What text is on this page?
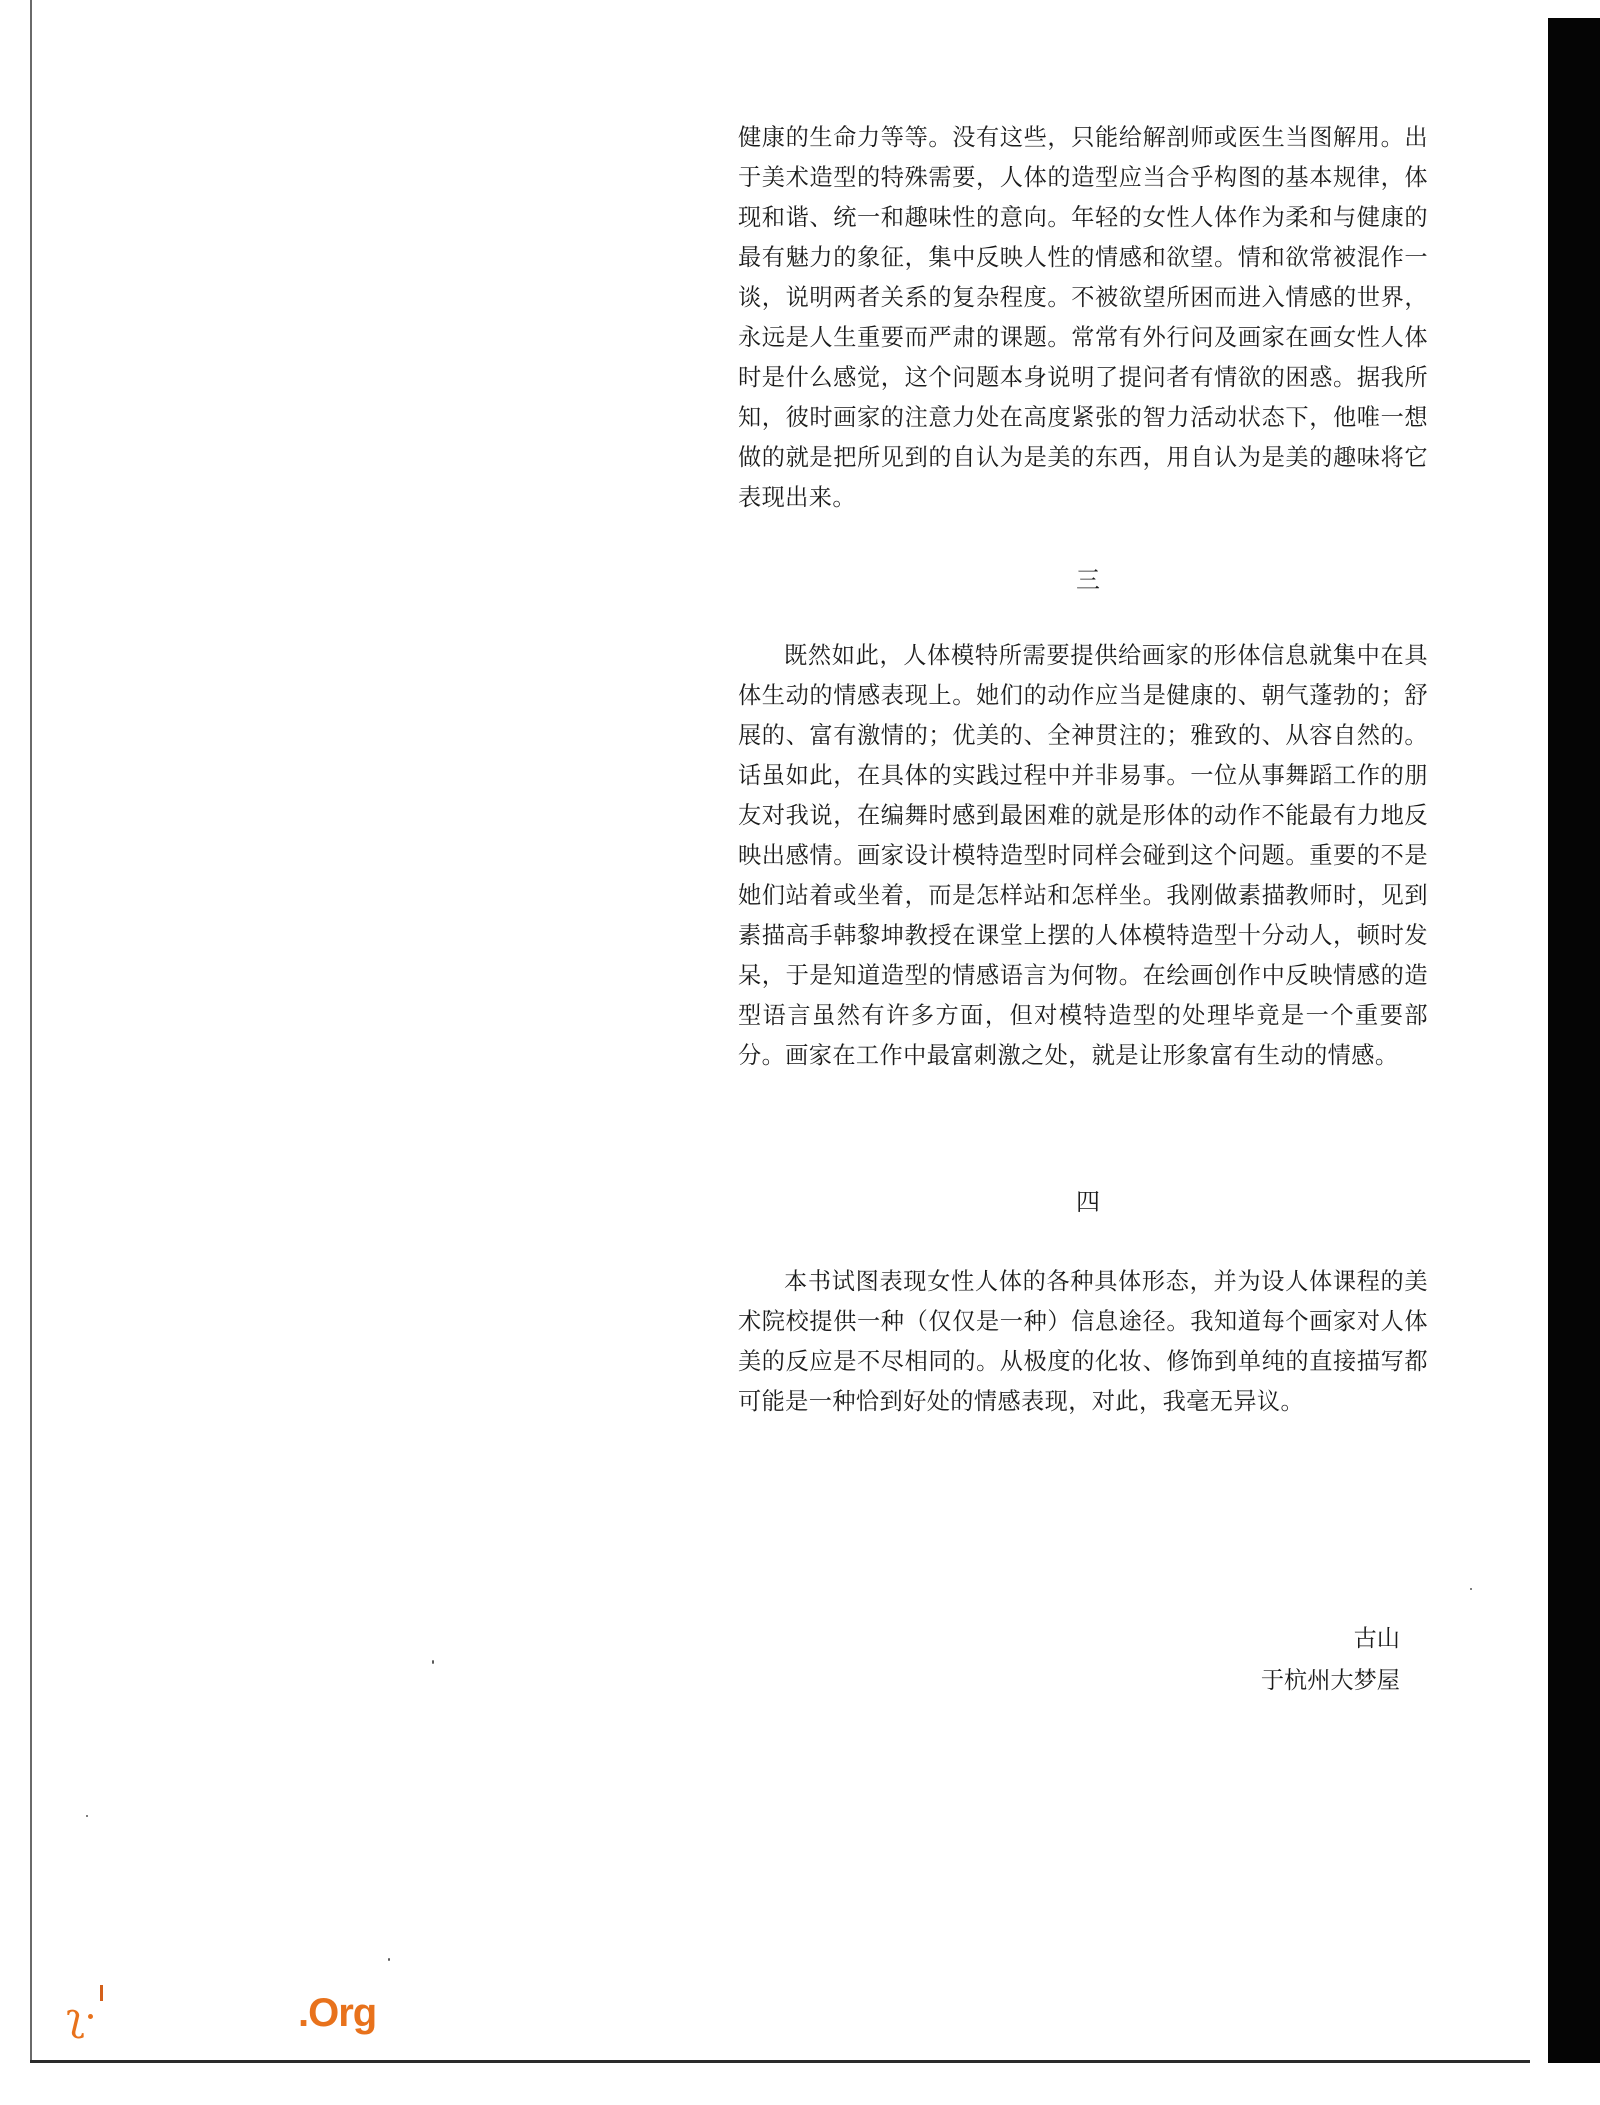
健康的生命力等等。没有这些，只能给解剖师或医生当图解用。出于美术造型的特殊需要，人体的造型应当合乎构图的基本规律，体现和谐、统一和趣味性的意向。年轻的女性人体作为柔和与健康的最有魅力的象征，集中反映人性的情感和欲望。情和欲常被混作一谈，说明两者关系的复杂程度。不被欲望所困而进入情感的世界，永远是人生重要而严肃的课题。常常有外行问及画家在画女性人体时是什么感觉，这个问题本身说明了提问者有情欲的困惑。据我所知，彼时画家的注意力处在高度紧张的智力活动状态下，他唯一想做的就是把所见到的自认为是美的东西，用自认为是美的趣味将它表现出来。

三

既然如此，人体模特所需要提供给画家的形体信息就集中在具体生动的情感表现上。她们的动作应当是健康的、朝气蓬勃的；舒展的、富有激情的；优美的、全神贯注的；雅致的、从容自然的。话虽如此，在具体的实践过程中并非易事。一位从事舞蹈工作的朋友对我说，在编舞时感到最困难的就是形体的动作不能最有力地反映出感情。画家设计模特造型时同样会碰到这个问题。重要的不是她们站着或坐着，而是怎样站和怎样坐。我刚做素描教师时，见到素描高手韩黎坤教授在课堂上摆的人体模特造型十分动人，顿时发呆，于是知道造型的情感语言为何物。在绘画创作中反映情感的造型语言虽然有许多方面，但对模特造型的处理毕竟是一个重要部分。画家在工作中最富刺激之处，就是让形象富有生动的情感。

四

本书试图表现女性人体的各种具体形态，并为设人体课程的美术院校提供一种（仅仅是一种）信息途径。我知道每个画家对人体美的反应是不尽相同的。从极度的化妆、修饰到单纯的直接描写都可能是一种恰到好处的情感表现，对此，我毫无异议。

古山
于杭州大梦屋
ʅ·	.Org
